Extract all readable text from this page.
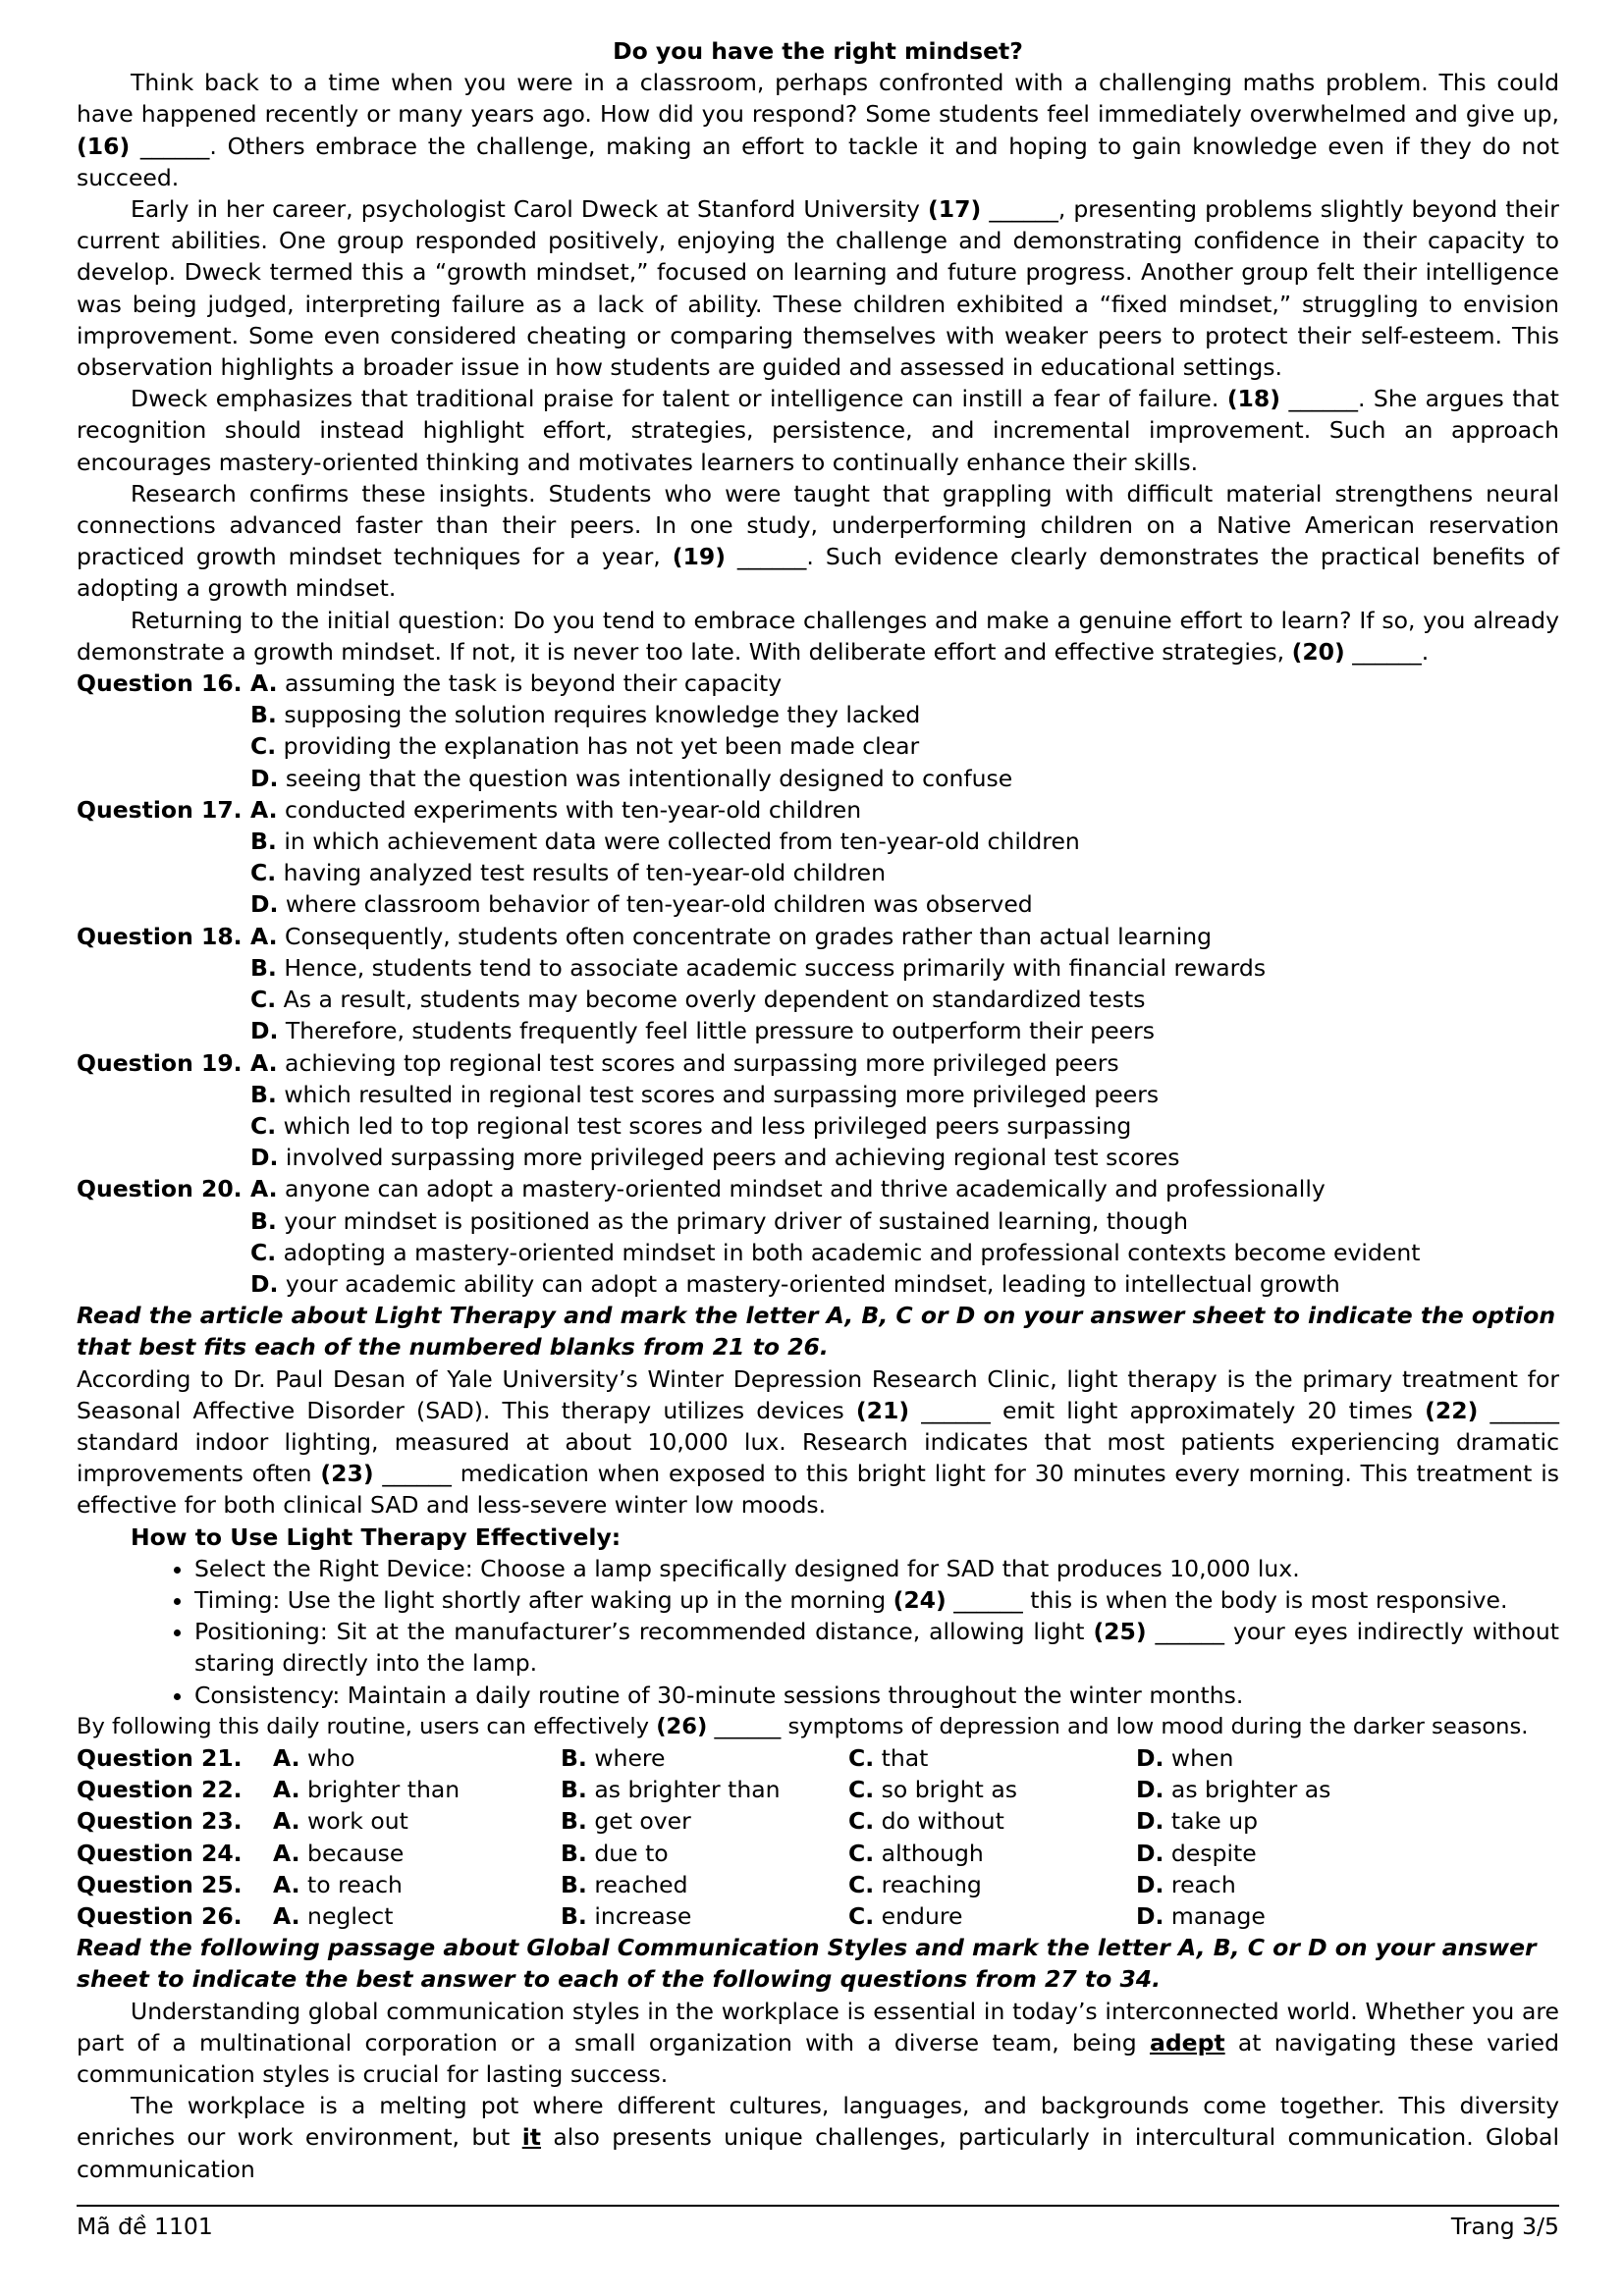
Do you have the right mindset?

Think back to a time when you were in a classroom, perhaps confronted with a challenging maths problem. This could have happened recently or many years ago. How did you respond? Some students feel immediately overwhelmed and give up, (16) ______. Others embrace the challenge, making an effort to tackle it and hoping to gain knowledge even if they do not succeed.

Early in her career, psychologist Carol Dweck at Stanford University (17) ______, presenting problems slightly beyond their current abilities. One group responded positively, enjoying the challenge and demonstrating confidence in their capacity to develop. Dweck termed this a “growth mindset,” focused on learning and future progress. Another group felt their intelligence was being judged, interpreting failure as a lack of ability. These children exhibited a “fixed mindset,” struggling to envision improvement. Some even considered cheating or comparing themselves with weaker peers to protect their self-esteem. This observation highlights a broader issue in how students are guided and assessed in educational settings.

Dweck emphasizes that traditional praise for talent or intelligence can instill a fear of failure. (18) ______. She argues that recognition should instead highlight effort, strategies, persistence, and incremental improvement. Such an approach encourages mastery-oriented thinking and motivates learners to continually enhance their skills.

Research confirms these insights. Students who were taught that grappling with difficult material strengthens neural connections advanced faster than their peers. In one study, underperforming children on a Native American reservation practiced growth mindset techniques for a year, (19) ______. Such evidence clearly demonstrates the practical benefits of adopting a growth mindset.

Returning to the initial question: Do you tend to embrace challenges and make a genuine effort to learn? If so, you already demonstrate a growth mindset. If not, it is never too late. With deliberate effort and effective strategies, (20) ______.

Question 16. A. assuming the task is beyond their capacity
B. supposing the solution requires knowledge they lacked
C. providing the explanation has not yet been made clear
D. seeing that the question was intentionally designed to confuse
Question 17. A. conducted experiments with ten-year-old children
B. in which achievement data were collected from ten-year-old children
C. having analyzed test results of ten-year-old children
D. where classroom behavior of ten-year-old children was observed
Question 18. A. Consequently, students often concentrate on grades rather than actual learning
B. Hence, students tend to associate academic success primarily with financial rewards
C. As a result, students may become overly dependent on standardized tests
D. Therefore, students frequently feel little pressure to outperform their peers
Question 19. A. achieving top regional test scores and surpassing more privileged peers
B. which resulted in regional test scores and surpassing more privileged peers
C. which led to top regional test scores and less privileged peers surpassing
D. involved surpassing more privileged peers and achieving regional test scores
Question 20. A. anyone can adopt a mastery-oriented mindset and thrive academically and professionally
B. your mindset is positioned as the primary driver of sustained learning, though
C. adopting a mastery-oriented mindset in both academic and professional contexts become evident
D. your academic ability can adopt a mastery-oriented mindset, leading to intellectual growth

Read the article about Light Therapy and mark the letter A, B, C or D on your answer sheet to indicate the option that best fits each of the numbered blanks from 21 to 26.

According to Dr. Paul Desan of Yale University’s Winter Depression Research Clinic, light therapy is the primary treatment for Seasonal Affective Disorder (SAD). This therapy utilizes devices (21) ______ emit light approximately 20 times (22) ______ standard indoor lighting, measured at about 10,000 lux. Research indicates that most patients experiencing dramatic improvements often (23) ______ medication when exposed to this bright light for 30 minutes every morning. This treatment is effective for both clinical SAD and less-severe winter low moods.

How to Use Light Therapy Effectively:

• Select the Right Device: Choose a lamp specifically designed for SAD that produces 10,000 lux.
• Timing: Use the light shortly after waking up in the morning (24) ______ this is when the body is most responsive.
• Positioning: Sit at the manufacturer’s recommended distance, allowing light (25) ______ your eyes indirectly without staring directly into the lamp.
• Consistency: Maintain a daily routine of 30-minute sessions throughout the winter months.

By following this daily routine, users can effectively (26) ______ symptoms of depression and low mood during the darker seasons.

Question 21.	A. who	B. where	C. that	D. when
Question 22.	A. brighter than	B. as brighter than	C. so bright as	D. as brighter as
Question 23.	A. work out	B. get over	C. do without	D. take up
Question 24.	A. because	B. due to	C. although	D. despite
Question 25.	A. to reach	B. reached	C. reaching	D. reach
Question 26.	A. neglect	B. increase	C. endure	D. manage

Read the following passage about Global Communication Styles and mark the letter A, B, C or D on your answer sheet to indicate the best answer to each of the following questions from 27 to 34.

Understanding global communication styles in the workplace is essential in today’s interconnected world. Whether you are part of a multinational corporation or a small organization with a diverse team, being adept at navigating these varied communication styles is crucial for lasting success.

The workplace is a melting pot where different cultures, languages, and backgrounds come together. This diversity enriches our work environment, but it also presents unique challenges, particularly in intercultural communication. Global communication

Mã đề 1101	Trang 3/5
